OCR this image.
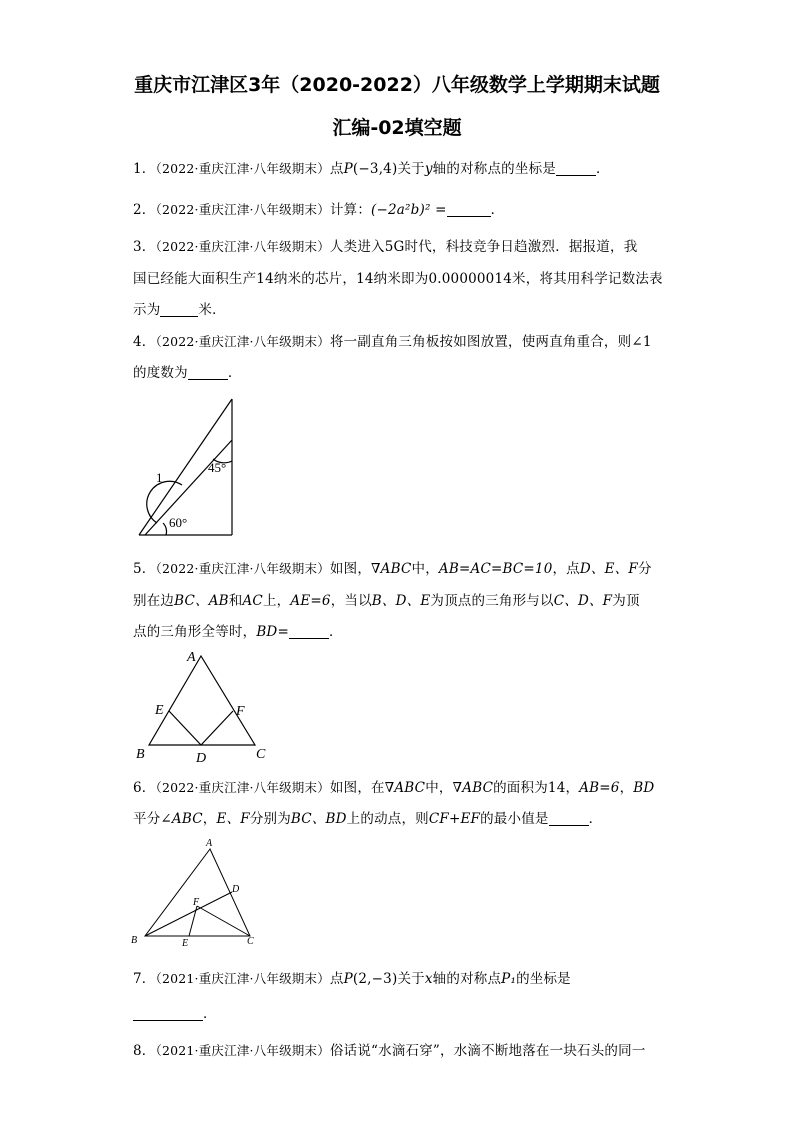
重庆市江津区3年（2020-2022）八年级数学上学期期末试题
汇编-02填空题
1．（2022·重庆江津·八年级期末）点P(−3,4)关于y轴的对称点的坐标是	．
2．（2022·重庆江津·八年级期末）计算：(−2a²b)² =	．
3．（2022·重庆江津·八年级期末）人类进入5G时代，科技竞争日趋激烈．据报道，我
国已经能大面积生产14纳米的芯片，14纳米即为0.00000014米，将其用科学记数法表
示为	米．
4．（2022·重庆江津·八年级期末）将一副直角三角板按如图放置，使两直角重合，则∠1
的度数为	．
1
45°
60°
5．（2022·重庆江津·八年级期末）如图，∇ABC中，AB=AC=BC=10，点D、E、F分
别在边BC、AB和AC上，AE=6，当以B、D、E为顶点的三角形与以C、D、F为顶
点的三角形全等时，BD=	．
A
B	C
D
E	F
6．（2022·重庆江津·八年级期末）如图，在∇ABC中，∇ABC的面积为14，AB=6，BD
平分∠ABC，E、F分别为BC、BD上的动点，则CF+EF的最小值是	．
A
B	C
D
E
F
7．（2021·重庆江津·八年级期末）点P(2,−3)关于x轴的对称点P₁的坐标是
．
8．（2021·重庆江津·八年级期末）俗话说“水滴石穿”，水滴不断地落在一块石头的同一
